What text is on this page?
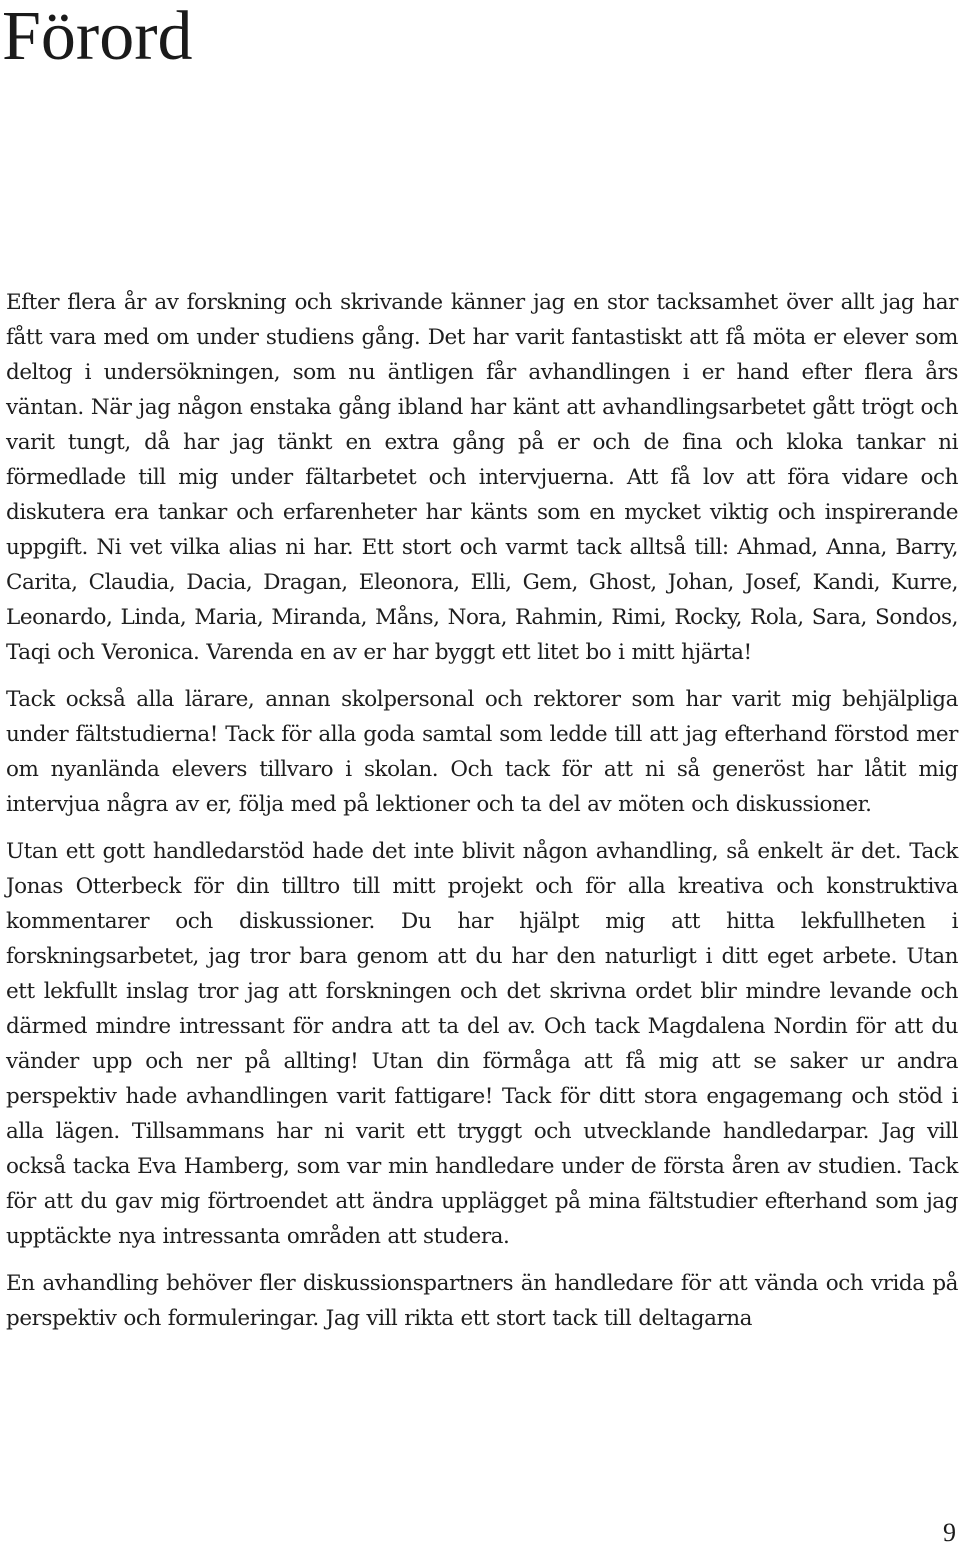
Förord

Efter flera år av forskning och skrivande känner jag en stor tacksamhet över allt jag har fått vara med om under studiens gång. Det har varit fantastiskt att få möta er elever som deltog i undersökningen, som nu äntligen får avhandlingen i er hand efter flera års väntan. När jag någon enstaka gång ibland har känt att avhandlingsarbetet gått trögt och varit tungt, då har jag tänkt en extra gång på er och de fina och kloka tankar ni förmedlade till mig under fältarbetet och intervjuerna. Att få lov att föra vidare och diskutera era tankar och erfarenheter har känts som en mycket viktig och inspirerande uppgift. Ni vet vilka alias ni har. Ett stort och varmt tack alltså till: Ahmad, Anna, Barry, Carita, Claudia, Dacia, Dragan, Eleonora, Elli, Gem, Ghost, Johan, Josef, Kandi, Kurre, Leonardo, Linda, Maria, Miranda, Måns, Nora, Rahmin, Rimi, Rocky, Rola, Sara, Sondos, Taqi och Veronica. Varenda en av er har byggt ett litet bo i mitt hjärta!

Tack också alla lärare, annan skolpersonal och rektorer som har varit mig behjälpliga under fältstudierna! Tack för alla goda samtal som ledde till att jag efterhand förstod mer om nyanlända elevers tillvaro i skolan. Och tack för att ni så generöst har låtit mig intervjua några av er, följa med på lektioner och ta del av möten och diskussioner.

Utan ett gott handledarstöd hade det inte blivit någon avhandling, så enkelt är det. Tack Jonas Otterbeck för din tilltro till mitt projekt och för alla kreativa och konstruktiva kommentarer och diskussioner. Du har hjälpt mig att hitta lekfullheten i forskningsarbetet, jag tror bara genom att du har den naturligt i ditt eget arbete. Utan ett lekfullt inslag tror jag att forskningen och det skrivna ordet blir mindre levande och därmed mindre intressant för andra att ta del av. Och tack Magdalena Nordin för att du vänder upp och ner på allting! Utan din förmåga att få mig att se saker ur andra perspektiv hade avhandlingen varit fattigare! Tack för ditt stora engagemang och stöd i alla lägen. Tillsammans har ni varit ett tryggt och utvecklande handledarpar. Jag vill också tacka Eva Hamberg, som var min handledare under de första åren av studien. Tack för att du gav mig förtroendet att ändra upplägget på mina fältstudier efterhand som jag upptäckte nya intressanta områden att studera.

En avhandling behöver fler diskussionspartners än handledare för att vända och vrida på perspektiv och formuleringar. Jag vill rikta ett stort tack till deltagarna

9
